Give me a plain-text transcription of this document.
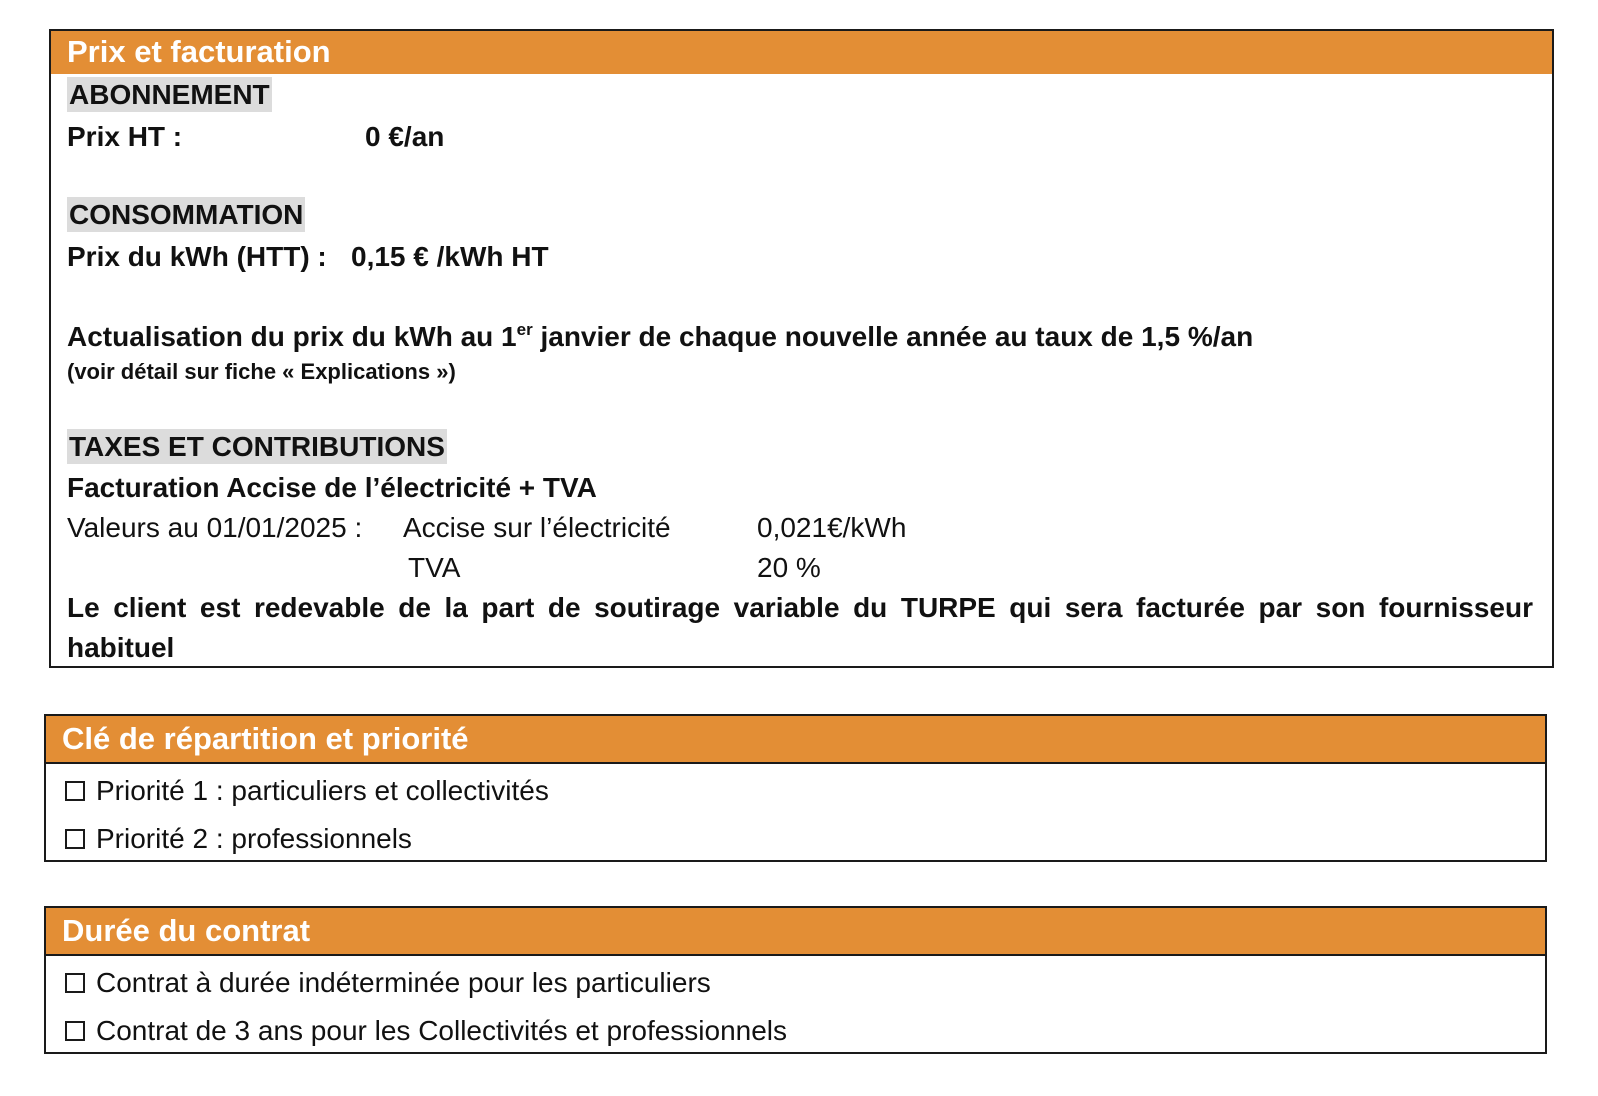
Prix et facturation
ABONNEMENT
Prix HT :	0 €/an
CONSOMMATION
Prix du kWh (HTT) : 0,15 € /kWh HT
Actualisation du prix du kWh au 1er janvier de chaque nouvelle année au taux de 1,5 %/an
(voir détail sur fiche « Explications »)
TAXES ET CONTRIBUTIONS
Facturation Accise de l’électricité + TVA
Valeurs au 01/01/2025 : Accise sur l’électricité	0,021€/kWh
TVA	20 %
Le client est redevable de la part de soutirage variable du TURPE qui sera facturée par son fournisseur
habituel
Clé de répartition et priorité
Priorité 1 : particuliers et collectivités
Priorité 2 : professionnels
Durée du contrat
Contrat à durée indéterminée pour les particuliers
Contrat de 3 ans pour les Collectivités et professionnels
